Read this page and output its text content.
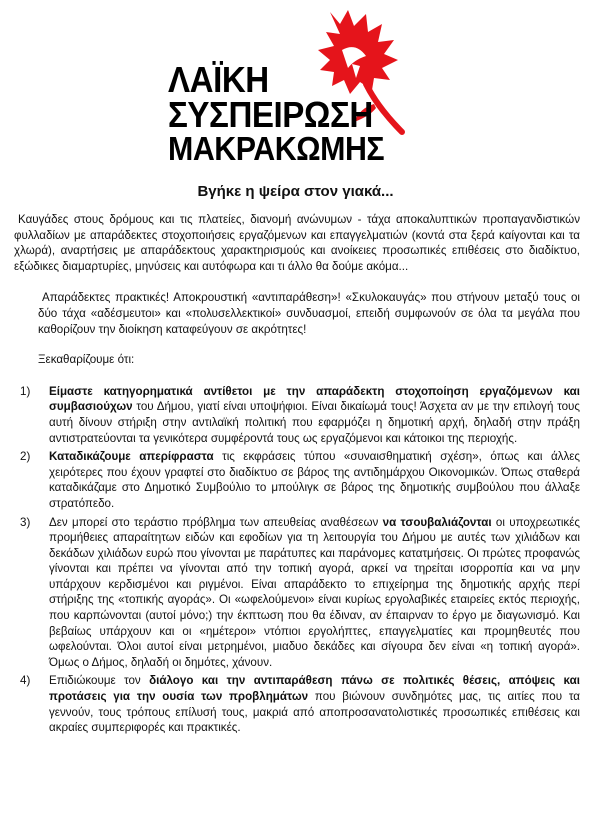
ΛΑΪΚΗ
ΣΥΣΠΕΙΡΩΣΗ
ΜΑΚΡΑΚΩΜΗΣ
Βγήκε η ψείρα στον γιακά...

Καυγάδες στους δρόμους και τις πλατείες, διανομή ανώνυμων - τάχα αποκαλυπτικών προπαγανδιστικών φυλλαδίων με απαράδεκτες στοχοποιήσεις εργαζόμενων και επαγγελματιών (κοντά στα ξερά καίγονται και τα χλωρά), αναρτήσεις με απαράδεκτους χαρακτηρισμούς και ανοίκειες προσωπικές επιθέσεις στο διαδίκτυο, εξώδικες διαμαρτυρίες, μηνύσεις και αυτόφωρα και τι άλλο θα δούμε ακόμα...

Απαράδεκτες πρακτικές! Αποκρουστική «αντιπαράθεση»! «Σκυλοκαυγάς» που στήνουν μεταξύ τους οι δύο τάχα «αδέσμευτοι» και «πολυσελλεκτικοί» συνδυασμοί, επειδή συμφωνούν σε όλα τα μεγάλα που καθορίζουν την διοίκηση καταφεύγουν σε ακρότητες!

Ξεκαθαρίζουμε ότι:
1) Είμαστε κατηγορηματικά αντίθετοι με την απαράδεκτη στοχοποίηση εργαζόμενων και συμβασιούχων του Δήμου, γιατί είναι υποψήφιοι. Είναι δικαίωμά τους! Άσχετα αν με την επιλογή τους αυτή δίνουν στήριξη στην αντιλαϊκή πολιτική που εφαρμόζει η δημοτική αρχή, δηλαδή στην πράξη αντιστρατεύονται τα γενικότερα συμφέροντά τους ως εργαζόμενοι και κάτοικοι της περιοχής.
2) Καταδικάζουμε απερίφραστα τις εκφράσεις τύπου «συναισθηματική σχέση», όπως και άλλες χειρότερες που έχουν γραφτεί στο διαδίκτυο σε βάρος της αντιδημάρχου Οικονομικών. Όπως σταθερά καταδικάζαμε στο Δημοτικό Συμβούλιο το μπούλιγκ σε βάρος της δημοτικής συμβούλου που άλλαξε στρατόπεδο.
3) Δεν μπορεί στο τεράστιο πρόβλημα των απευθείας αναθέσεων να τσουβαλιάζονται οι υποχρεωτικές προμήθειες απαραίτητων ειδών και εφοδίων για τη λειτουργία του Δήμου με αυτές των χιλιάδων και δεκάδων χιλιάδων ευρώ που γίνονται με παράτυπες και παράνομες κατατμήσεις. Οι πρώτες προφανώς γίνονται και πρέπει να γίνονται από την τοπική αγορά, αρκεί να τηρείται ισορροπία και να μην υπάρχουν κερδισμένοι και ριγμένοι. Είναι απαράδεκτο το επιχείρημα της δημοτικής αρχής περί στήριξης της «τοπικής αγοράς». Οι «ωφελούμενοι» είναι κυρίως εργολαβικές εταιρείες εκτός περιοχής, που καρπώνονται (αυτοί μόνο;) την έκπτωση που θα έδιναν, αν έπαιρναν το έργο με διαγωνισμό. Και βεβαίως υπάρχουν και οι «ημέτεροι» ντόπιοι εργολήπτες, επαγγελματίες και προμηθευτές που ωφελούνται. Όλοι αυτοί είναι μετρημένοι, μιαδυο δεκάδες και σίγουρα δεν είναι «η τοπική αγορά». Όμως ο Δήμος, δηλαδή οι δημότες, χάνουν.
4) Επιδιώκουμε τον διάλογο και την αντιπαράθεση πάνω σε πολιτικές θέσεις, απόψεις και προτάσεις για την ουσία των προβλημάτων που βιώνουν συνδημότες μας, τις αιτίες που τα γεννούν, τους τρόπους επίλυσή τους, μακριά από αποπροσανατολιστικές προσωπικές επιθέσεις και ακραίες συμπεριφορές και πρακτικές.
